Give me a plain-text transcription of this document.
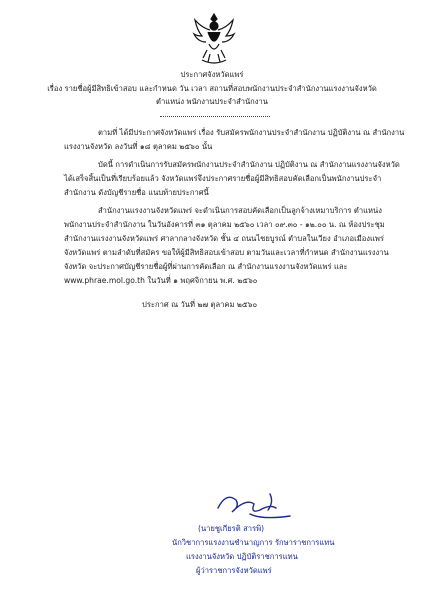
ประกาศจังหวัดแพร่
เรื่อง รายชื่อผู้มีสิทธิเข้าสอบ และกำหนด วัน เวลา สถานที่สอบพนักงานประจำสำนักงานแรงงานจังหวัด
ตำแหน่ง พนักงานประจำสำนักงาน
ตามที่ ได้มีประกาศจังหวัดแพร่ เรื่อง รับสมัครพนักงานประจำสำนักงาน ปฏิบัติงาน ณ สำนักงาน
แรงงานจังหวัด ลงวันที่ ๑๘ ตุลาคม ๒๕๖๐ นั้น
บัดนี้ การดำเนินการรับสมัครพนักงานประจำสำนักงาน ปฏิบัติงาน ณ สำนักงานแรงงานจังหวัด
ได้เสร็จสิ้นเป็นที่เรียบร้อยแล้ว จังหวัดแพร่จึงประกาศรายชื่อผู้มีสิทธิสอบคัดเลือกเป็นพนักงานประจำ
สำนักงาน ดังบัญชีรายชื่อ แนบท้ายประกาศนี้
สำนักงานแรงงานจังหวัดแพร่ จะดำเนินการสอบคัดเลือกเป็นลูกจ้างเหมาบริการ ตำแหน่ง
พนักงานประจำสำนักงาน ในวันอังคารที่ ๓๑ ตุลาคม ๒๕๖๐ เวลา ๐๙.๓๐ - ๑๒.๐๐ น. ณ ห้องประชุม
สำนักงานแรงงานจังหวัดแพร่ ศาลากลางจังหวัด ชั้น ๔ ถนนไชยบูรณ์ ตำบลในเวียง อำเภอเมืองแพร่
จังหวัดแพร่ ตามลำดับที่สมัคร ขอให้ผู้มีสิทธิสอบเข้าสอบ ตามวันและเวลาที่กำหนด สำนักงานแรงงาน
จังหวัด จะประกาศบัญชีรายชื่อผู้ที่ผ่านการคัดเลือก ณ สำนักงานแรงงานจังหวัดแพร่ และ
www.phrae.mol.go.th ในวันที่ ๑ พฤศจิกายน พ.ศ. ๒๕๖๐
ประกาศ ณ วันที่ ๒๗ ตุลาคม ๒๕๖๐
(นายชูเกียรติ สารพิ)
นักวิชาการแรงงานชำนาญการ รักษาราชการแทน
แรงงานจังหวัด ปฏิบัติราชการแทน
ผู้ว่าราชการจังหวัดแพร่
